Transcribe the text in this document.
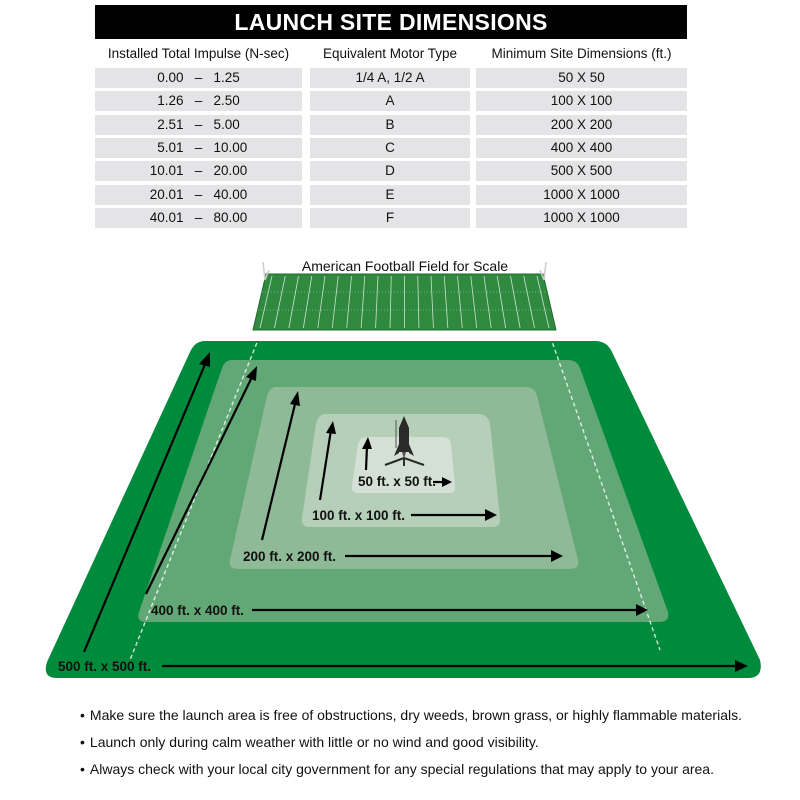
LAUNCH SITE DIMENSIONS
Installed Total Impulse (N-sec)	Equivalent Motor Type	Minimum Site Dimensions (ft.)
0.00 – 1.25	1/4 A, 1/2 A	50 X 50
1.26 – 2.50	A	100 X 100
2.51 – 5.00	B	200 X 200
5.01 – 10.00	C	400 X 400
10.01 – 20.00	D	500 X 500
20.01 – 40.00	E	1000 X 1000
40.01 – 80.00	F	1000 X 1000
500 ft. x 500 ft.
400 ft. x 400 ft.
200 ft. x 200 ft.
100 ft. x 100 ft.
50 ft. x 50 ft.
American Football Field for Scale
• Make sure the launch area is free of obstructions, dry weeds, brown grass, or highly flammable materials.
• Launch only during calm weather with little or no wind and good visibility.
• Always check with your local city government for any special regulations that may apply to your area.
